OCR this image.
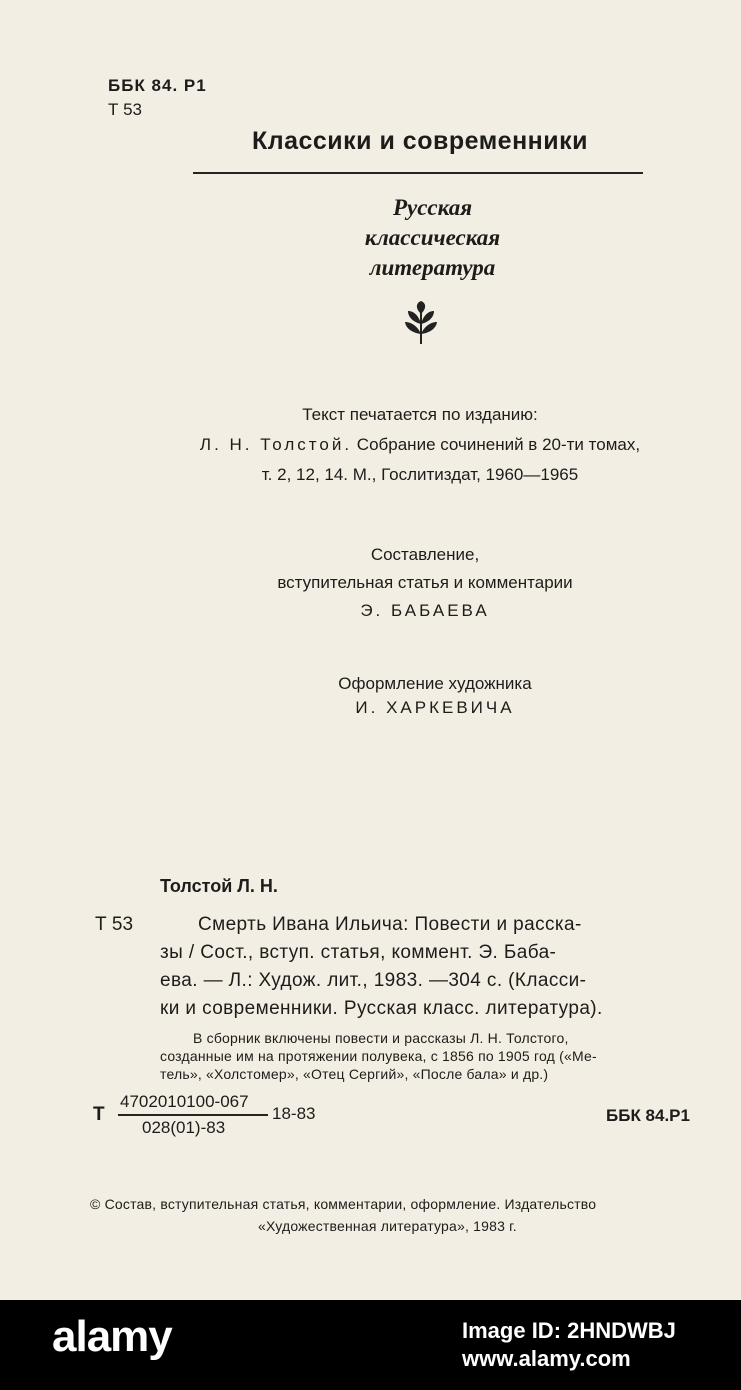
ББК 84. Р1
Т 53
Классики и современники
Русская
классическая
литература
Текст печатается по изданию:
Л. Н. Толстой. Собрание сочинений в 20-ти томах,
т. 2, 12, 14. М., Гослитиздат, 1960—1965
Составление,
вступительная статья и комментарии
Э. БАБАЕВА
Оформление художника
И. ХАРКЕВИЧА
Толстой Л. Н.
Т 53	Смерть Ивана Ильича: Повести и расска-
зы / Сост., вступ. статья, коммент. Э. Баба-
ева. — Л.: Худож. лит., 1983. —304 с. (Класси-
ки и современники. Русская класс. литература).
В сборник включены повести и рассказы Л. Н. Толстого,
созданные им на протяжении полувека, с 1856 по 1905 год («Ме-
тель», «Холстомер», «Отец Сергий», «После бала» и др.)
Т
4702010100-067
028(01)-83
18-83	ББК 84.Р1
© Состав, вступительная статья, комментарии, оформление. Издательство
«Художественная литература», 1983 г.
alamy	Image ID: 2HNDWBJ
www.alamy.com
